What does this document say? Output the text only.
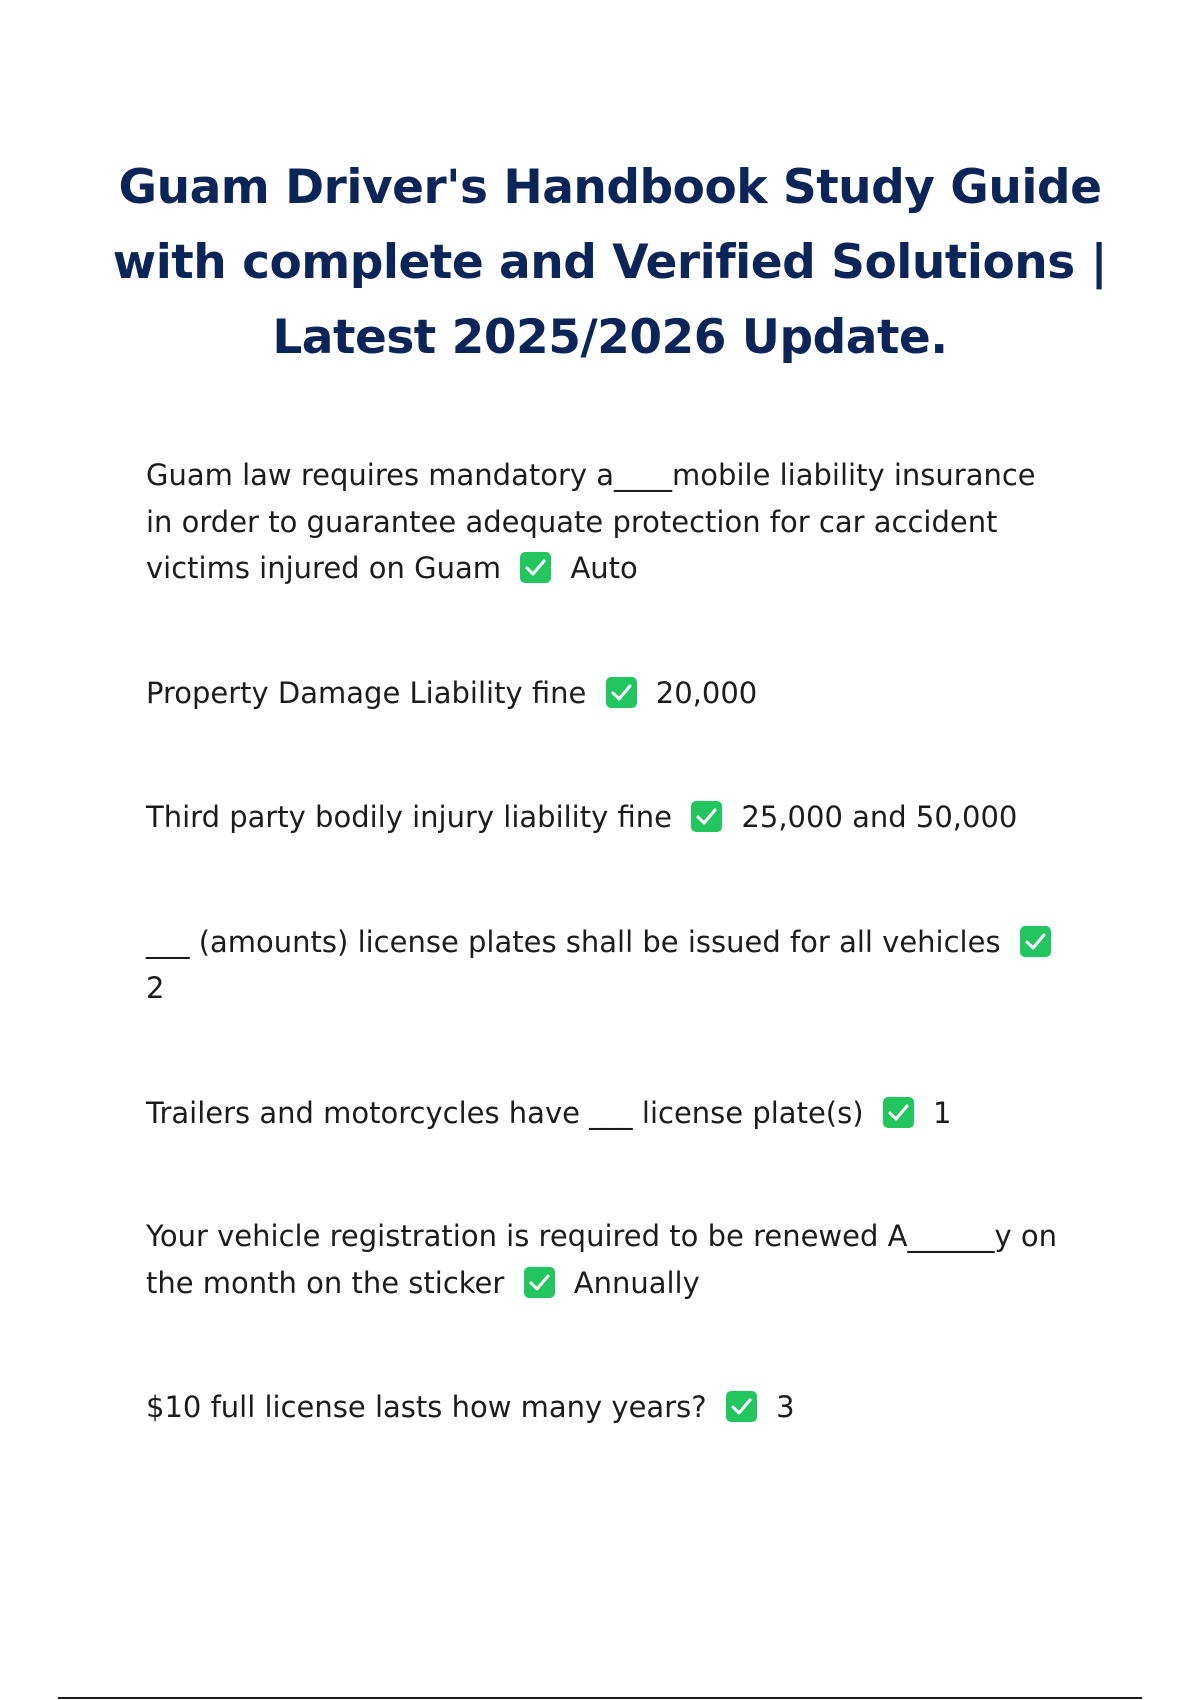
Guam Driver's Handbook Study Guide with complete and Verified Solutions | Latest 2025/2026 Update.

Guam law requires mandatory a____mobile liability insurance in order to guarantee adequate protection for car accident victims injured on Guam Auto

Property Damage Liability fine 20,000

Third party bodily injury liability fine 25,000 and 50,000

___ (amounts) license plates shall be issued for all vehicles
2

Trailers and motorcycles have ___ license plate(s) 1

Your vehicle registration is required to be renewed A______y on the month on the sticker Annually

$10 full license lasts how many years? 3
